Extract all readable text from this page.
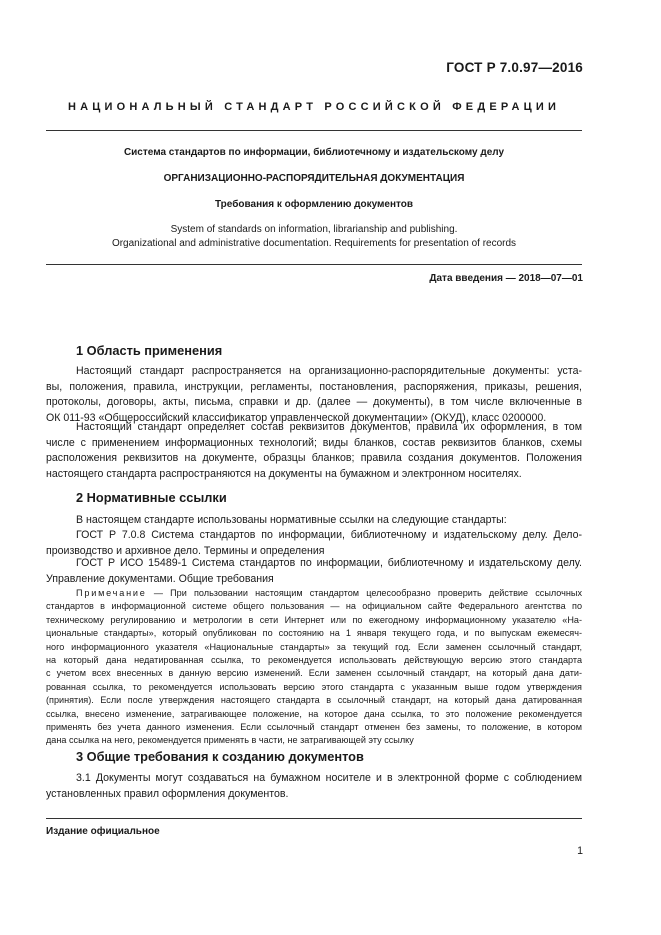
ГОСТ Р 7.0.97—2016
НАЦИОНАЛЬНЫЙ СТАНДАРТ РОССИЙСКОЙ ФЕДЕРАЦИИ
Система стандартов по информации, библиотечному и издательскому делу
ОРГАНИЗАЦИОННО-РАСПОРЯДИТЕЛЬНАЯ ДОКУМЕНТАЦИЯ
Требования к оформлению документов
System of standards on information, librarianship and publishing.
Organizational and administrative documentation. Requirements for presentation of records
Дата введения — 2018—07—01
1 Область применения
Настоящий стандарт распространяется на организационно-распорядительные документы: уста-
вы, положения, правила, инструкции, регламенты, постановления, распоряжения, приказы, решения,
протоколы, договоры, акты, письма, справки и др. (далее — документы), в том числе включенные в
ОК 011-93 «Общероссийский классификатор управленческой документации» (ОКУД), класс 0200000.
Настоящий стандарт определяет состав реквизитов документов, правила их оформления, в том
числе с применением информационных технологий; виды бланков, состав реквизитов бланков, схемы
расположения реквизитов на документе, образцы бланков; правила создания документов. Положения
настоящего стандарта распространяются на документы на бумажном и электронном носителях.
2 Нормативные ссылки
В настоящем стандарте использованы нормативные ссылки на следующие стандарты:
ГОСТ Р 7.0.8 Система стандартов по информации, библиотечному и издательскому делу. Дело-
производство и архивное дело. Термины и определения
ГОСТ Р ИСО 15489-1 Система стандартов по информации, библиотечному и издательскому делу.
Управление документами. Общие требования
Примечание — При пользовании настоящим стандартом целесообразно проверить действие ссылочных
стандартов в информационной системе общего пользования — на официальном сайте Федерального агентства по
техническому регулированию и метрологии в сети Интернет или по ежегодному информационному указателю «На-
циональные стандарты», который опубликован по состоянию на 1 января текущего года, и по выпускам ежемесяч-
ного информационного указателя «Национальные стандарты» за текущий год. Если заменен ссылочный стандарт,
на который дана недатированная ссылка, то рекомендуется использовать действующую версию этого стандарта
с учетом всех внесенных в данную версию изменений. Если заменен ссылочный стандарт, на который дана дати-
рованная ссылка, то рекомендуется использовать версию этого стандарта с указанным выше годом утверждения
(принятия). Если после утверждения настоящего стандарта в ссылочный стандарт, на который дана датированная
ссылка, внесено изменение, затрагивающее положение, на которое дана ссылка, то это положение рекомендуется
применять без учета данного изменения. Если ссылочный стандарт отменен без замены, то положение, в котором
дана ссылка на него, рекомендуется применять в части, не затрагивающей эту ссылку
3 Общие требования к созданию документов
3.1 Документы могут создаваться на бумажном носителе и в электронной форме с соблюдением
установленных правил оформления документов.
Издание официальное
1
